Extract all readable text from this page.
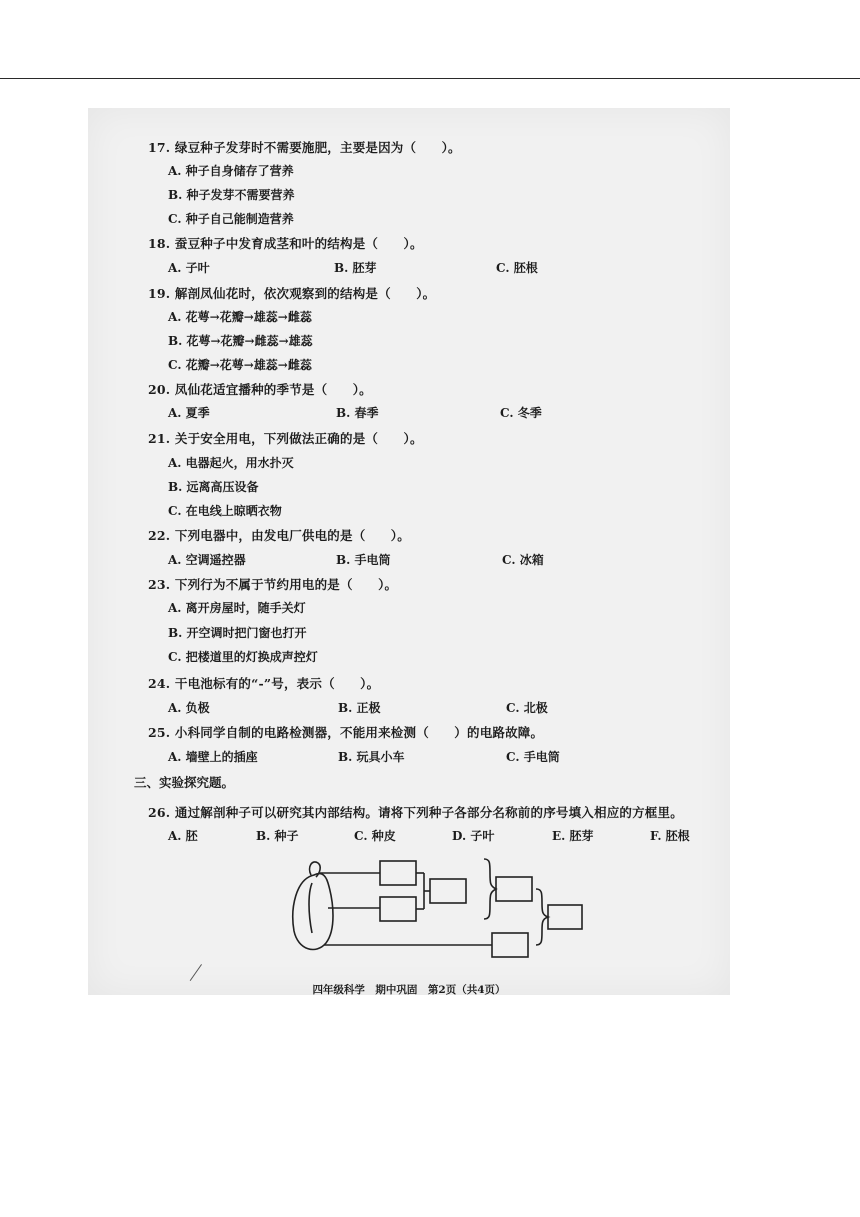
17. 绿豆种子发芽时不需要施肥，主要是因为（　　）。
A. 种子自身储存了营养
B. 种子发芽不需要营养
C. 种子自己能制造营养
18. 蚕豆种子中发育成茎和叶的结构是（　　）。
A. 子叶	B. 胚芽	C. 胚根
19. 解剖凤仙花时，依次观察到的结构是（　　）。
A. 花萼→花瓣→雄蕊→雌蕊
B. 花萼→花瓣→雌蕊→雄蕊
C. 花瓣→花萼→雄蕊→雌蕊
20. 凤仙花适宜播种的季节是（　　）。
A. 夏季	B. 春季	C. 冬季
21. 关于安全用电，下列做法正确的是（　　）。
A. 电器起火，用水扑灭
B. 远离高压设备
C. 在电线上晾晒衣物
22. 下列电器中，由发电厂供电的是（　　）。
A. 空调遥控器	B. 手电筒	C. 冰箱
23. 下列行为不属于节约用电的是（　　）。
A. 离开房屋时，随手关灯
B. 开空调时把门窗也打开
C. 把楼道里的灯换成声控灯
24. 干电池标有的“-”号，表示（　　）。
A. 负极	B. 正极	C. 北极
25. 小科同学自制的电路检测器，不能用来检测（　　）的电路故障。
A. 墙壁上的插座	B. 玩具小车	C. 手电筒
三、实验探究题。
26. 通过解剖种子可以研究其内部结构。请将下列种子各部分名称前的序号填入相应的方框里。
A. 胚	B. 种子	C. 种皮	D. 子叶	E. 胚芽	F. 胚根
四年级科学　期中巩固　第2页（共4页）
